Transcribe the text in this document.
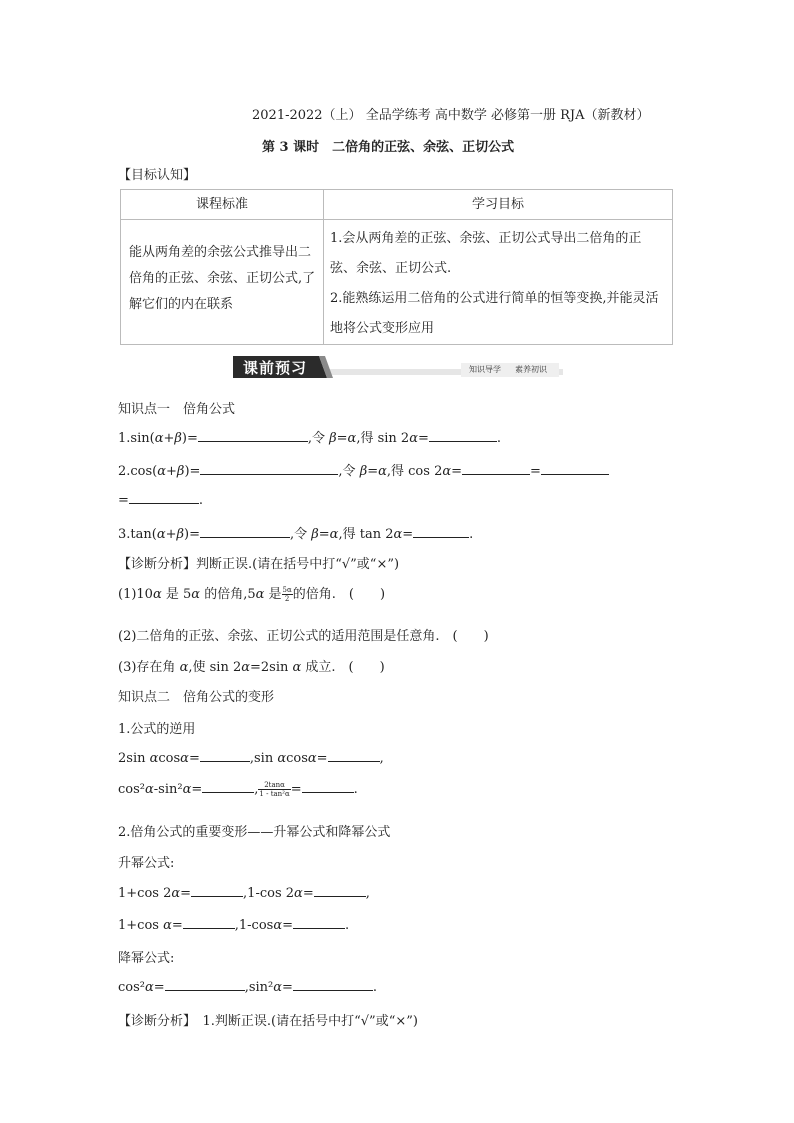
2021-2022（上） 全品学练考 高中数学 必修第一册 RJA（新教材）
第 3 课时　二倍角的正弦、余弦、正切公式
【目标认知】
课程标准	学习目标
能从两角差的余弦公式推导出二倍角的正弦、余弦、正切公式,了解它们的内在联系	1.会从两角差的正弦、余弦、正切公式导出二倍角的正弦、余弦、正切公式.
2.能熟练运用二倍角的公式进行简单的恒等变换,并能灵活地将公式变形应用
课前预习	知识导学 素养初识
知识点一　倍角公式
1.sin(α+β)=	,令 β=α,得 sin 2α=	.
2.cos(α+β)=	,令 β=α,得 cos 2α=	=
=	.
3.tan(α+β)=	,令 β=α,得 tan 2α=	.
【诊断分析】判断正误.(请在括号中打“√”或“×”)
(1)10α 是 5α 的倍角,5α 是 $\frac{5\alpha}{2}$ 的倍角.　(　　)
(2)二倍角的正弦、余弦、正切公式的适用范围是任意角.　(　　)
(3)存在角 α,使 sin 2α=2sin α 成立.　(　　)
知识点二　倍角公式的变形
1.公式的逆用
2sin αcosα=	,sin αcosα=	,
cos²α-sin²α=	, $\frac{2\tan\alpha}{\text{1 - tan²α}}$ =	.
2.倍角公式的重要变形——升幂公式和降幂公式
升幂公式:
1+cos 2α=	,1-cos 2α=	,
1+cos α=	,1-cosα=	.
降幂公式:
cos²α=	,sin²α=	.
【诊断分析】　1.判断正误.(请在括号中打“√”或“×”)
